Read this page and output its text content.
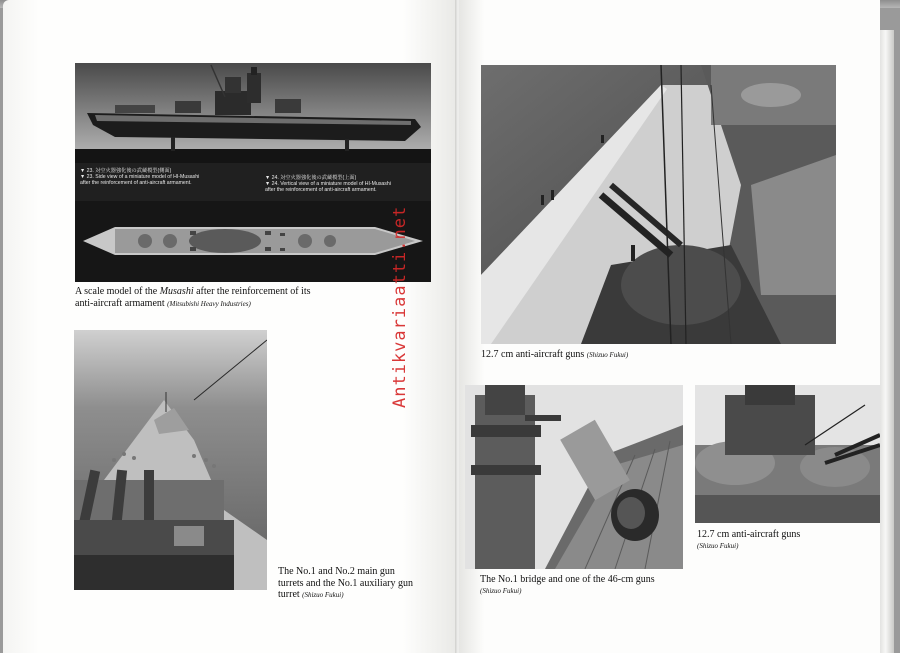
▼ 23. 対空火器強化後の武蔵模型(側面)
▼ 23. Side view of a miniature model of HI-Musashi
after the reinforcement of anti-aircraft armament.
▼ 24. 対空火器強化後の武蔵模型(上面)
▼ 24. Vertical view of a miniature model of HI-Musashi
after the reinforcement of anti-aircraft armament.
A scale model of the Musashi after the reinforcement of its anti-aircraft armament (Mitsubishi Heavy Industries)
The No.1 and No.2 main gun turrets and the No.1 auxiliary gun turret (Shizuo Fukui)
Antikvariaatti.net	12.7 cm anti-aircraft guns (Shizuo Fukui)
The No.1 bridge and one of the 46-cm guns
(Shizuo Fukui)
12.7 cm anti-aircraft guns
(Shizuo Fukui)
